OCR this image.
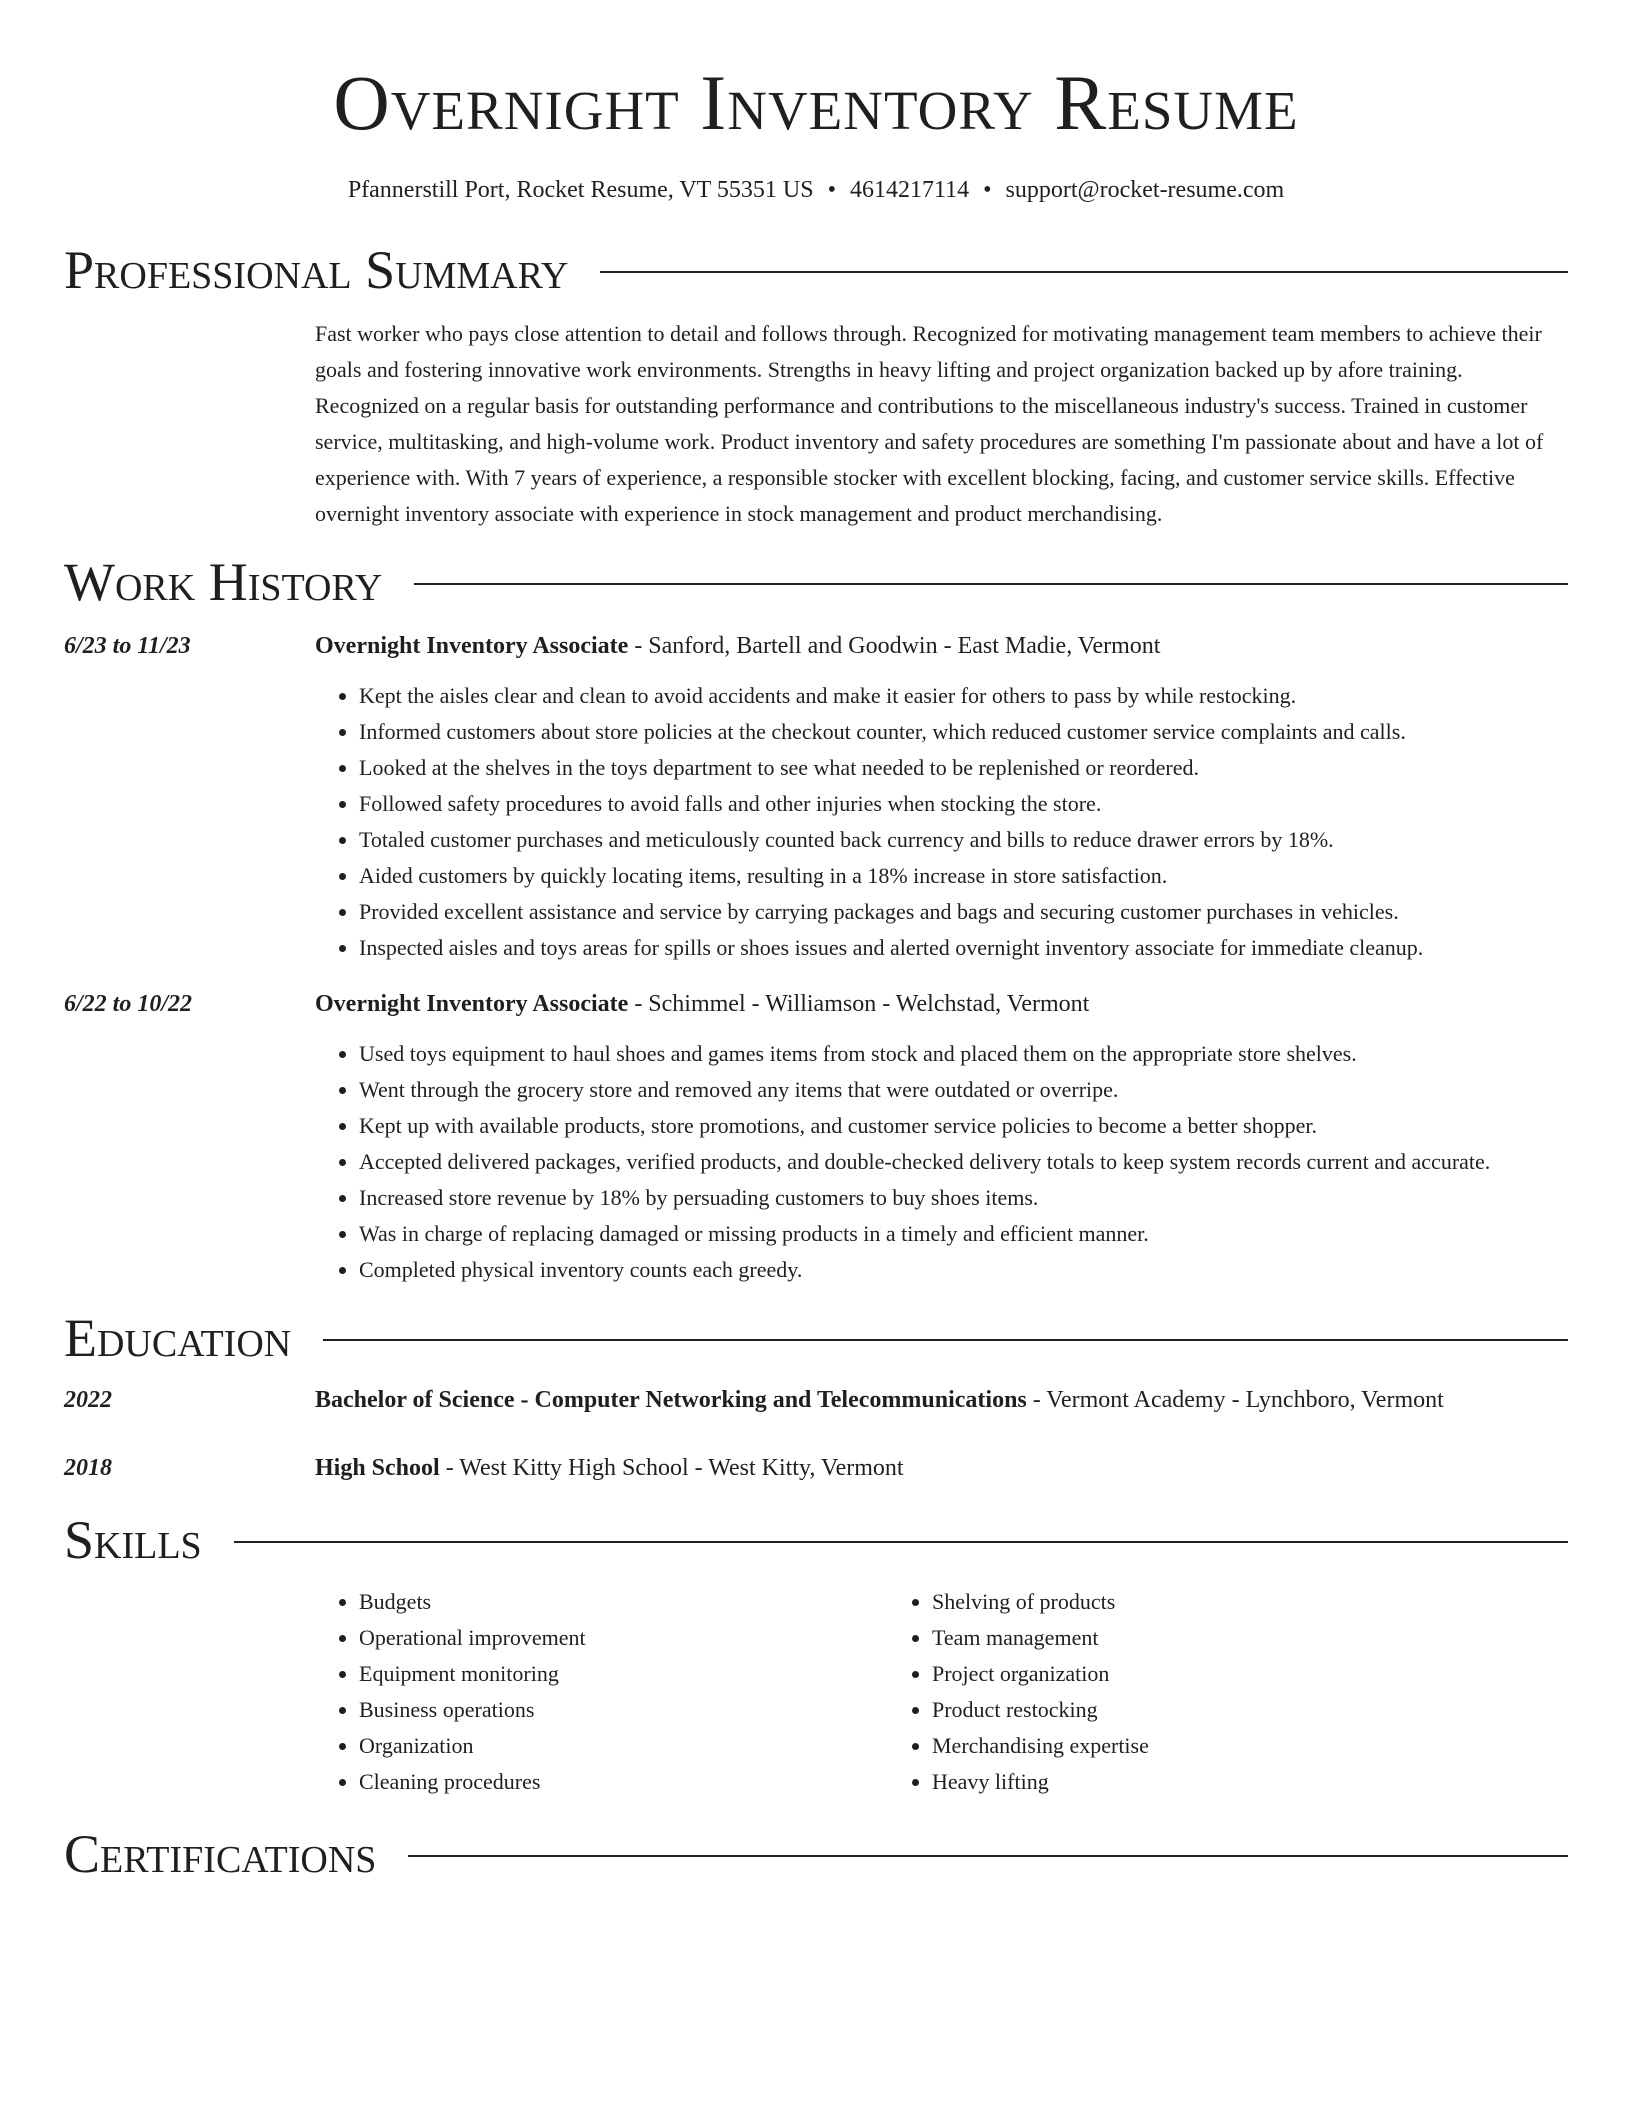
Overnight Inventory Resume
Pfannerstill Port, Rocket Resume, VT 55351 US • 4614217114 • support@rocket-resume.com
Professional Summary
Fast worker who pays close attention to detail and follows through. Recognized for motivating management team members to achieve their goals and fostering innovative work environments. Strengths in heavy lifting and project organization backed up by afore training. Recognized on a regular basis for outstanding performance and contributions to the miscellaneous industry's success. Trained in customer service, multitasking, and high-volume work. Product inventory and safety procedures are something I'm passionate about and have a lot of experience with. With 7 years of experience, a responsible stocker with excellent blocking, facing, and customer service skills. Effective overnight inventory associate with experience in stock management and product merchandising.
Work History
6/23 to 11/23	Overnight Inventory Associate - Sanford, Bartell and Goodwin - East Madie, Vermont
• Kept the aisles clear and clean to avoid accidents and make it easier for others to pass by while restocking.
• Informed customers about store policies at the checkout counter, which reduced customer service complaints and calls.
• Looked at the shelves in the toys department to see what needed to be replenished or reordered.
• Followed safety procedures to avoid falls and other injuries when stocking the store.
• Totaled customer purchases and meticulously counted back currency and bills to reduce drawer errors by 18%.
• Aided customers by quickly locating items, resulting in a 18% increase in store satisfaction.
• Provided excellent assistance and service by carrying packages and bags and securing customer purchases in vehicles.
• Inspected aisles and toys areas for spills or shoes issues and alerted overnight inventory associate for immediate cleanup.
6/22 to 10/22	Overnight Inventory Associate - Schimmel - Williamson - Welchstad, Vermont
• Used toys equipment to haul shoes and games items from stock and placed them on the appropriate store shelves.
• Went through the grocery store and removed any items that were outdated or overripe.
• Kept up with available products, store promotions, and customer service policies to become a better shopper.
• Accepted delivered packages, verified products, and double-checked delivery totals to keep system records current and accurate.
• Increased store revenue by 18% by persuading customers to buy shoes items.
• Was in charge of replacing damaged or missing products in a timely and efficient manner.
• Completed physical inventory counts each greedy.
Education
2022	Bachelor of Science - Computer Networking and Telecommunications - Vermont Academy - Lynchboro, Vermont
2018	High School - West Kitty High School - West Kitty, Vermont
Skills
• Budgets
• Operational improvement
• Equipment monitoring
• Business operations
• Organization
• Cleaning procedures
• Shelving of products
• Team management
• Project organization
• Product restocking
• Merchandising expertise
• Heavy lifting
Certifications
